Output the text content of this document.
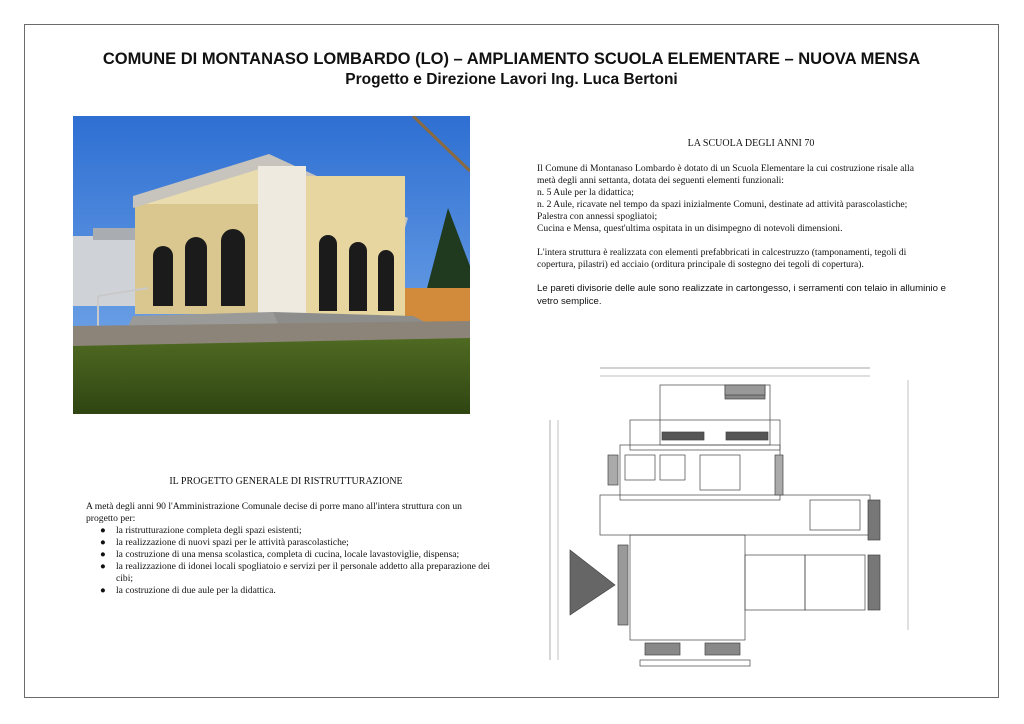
COMUNE DI MONTANASO LOMBARDO (LO) – AMPLIAMENTO SCUOLA ELEMENTARE – NUOVA MENSA
Progetto e Direzione Lavori Ing. Luca Bertoni
LA SCUOLA DEGLI ANNI 70

Il Comune di Montanaso Lombardo è dotato di un Scuola Elementare la cui costruzione risale alla

metà degli anni settanta, dotata dei seguenti elementi funzionali:

n. 5 Aule per la didattica;

n. 2 Aule, ricavate nel tempo da spazi inizialmente Comuni, destinate ad attività parascolastiche;

Palestra con annessi spogliatoi;

Cucina e Mensa, quest'ultima ospitata in un disimpegno di notevoli dimensioni.

L'intera struttura è realizzata con elementi prefabbricati in calcestruzzo (tamponamenti, tegoli di

copertura, pilastri) ed acciaio (orditura principale di sostegno dei tegoli di copertura).

Le pareti divisorie delle aule sono realizzate in cartongesso, i serramenti con telaio in alluminio e vetro semplice.
IL PROGETTO GENERALE DI RISTRUTTURAZIONE
A metà degli anni 90 l'Amministrazione Comunale decise di porre mano all'intera struttura con un progetto per:
● la ristrutturazione completa degli spazi esistenti;
● la realizzazione di nuovi spazi per le attività parascolastiche;
● la costruzione di una mensa scolastica, completa di cucina, locale lavastoviglie, dispensa;
● la realizzazione di idonei locali spogliatoio e servizi per il personale addetto alla preparazione dei cibi;
● la costruzione di due aule per la didattica.
